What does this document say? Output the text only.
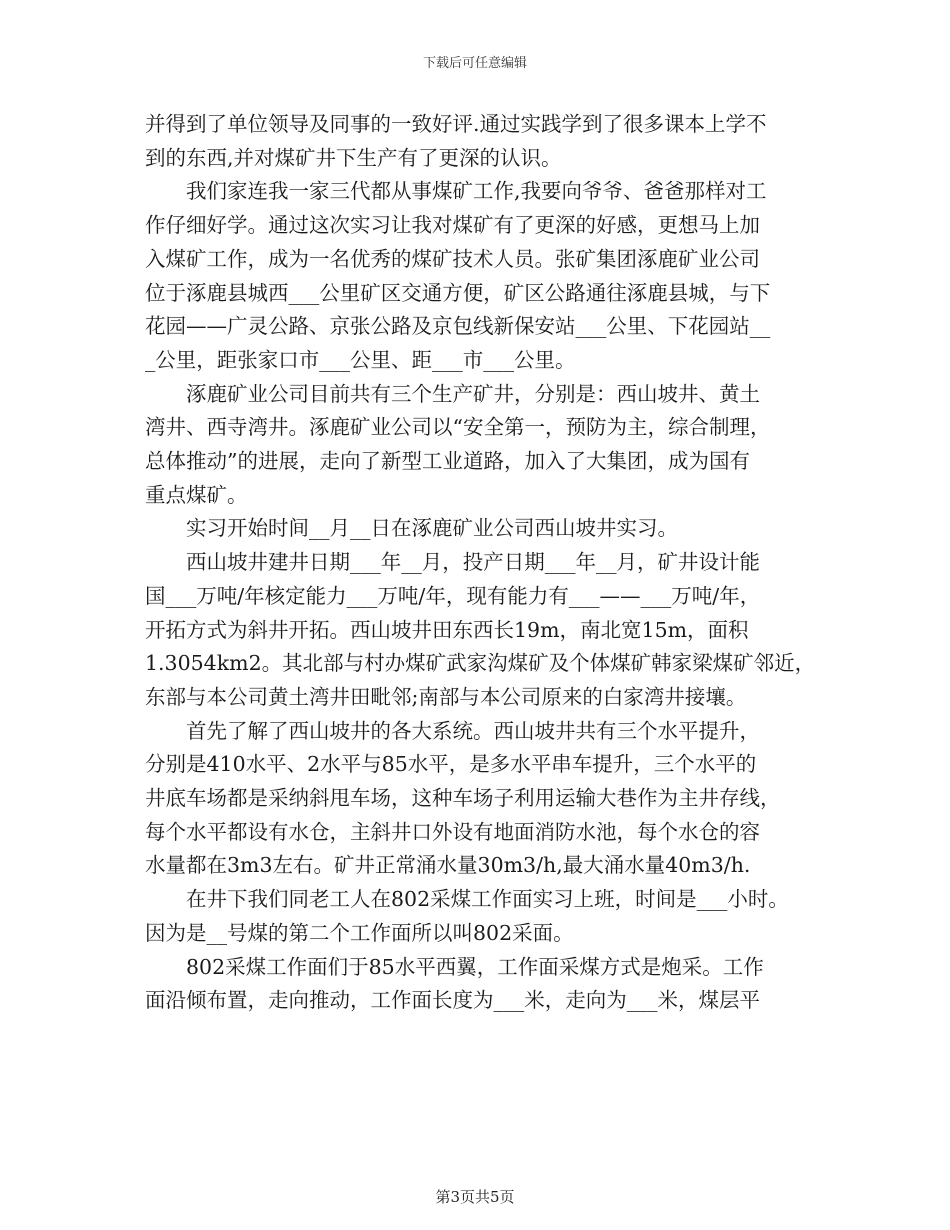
下载后可任意编辑

并得到了单位领导及同事的一致好评.通过实践学到了很多课本上学不

到的东西,并对煤矿井下生产有了更深的认识。

　　我们家连我一家三代都从事煤矿工作,我要向爷爷、爸爸那样对工

作仔细好学。通过这次实习让我对煤矿有了更深的好感，更想马上加

入煤矿工作，成为一名优秀的煤矿技术人员。张矿集团涿鹿矿业公司

位于涿鹿县城西___公里矿区交通方便，矿区公路通往涿鹿县城，与下

花园——广灵公路、京张公路及京包线新保安站___公里、下花园站__

_公里，距张家口市___公里、距___市___公里。

　　涿鹿矿业公司目前共有三个生产矿井，分别是：西山坡井、黄土

湾井、西寺湾井。涿鹿矿业公司以“安全第一，预防为主，综合制理，

总体推动”的进展，走向了新型工业道路，加入了大集团，成为国有

重点煤矿。

　　实习开始时间__月__日在涿鹿矿业公司西山坡井实习。

　　西山坡井建井日期___年__月，投产日期___年__月，矿井设计能

国___万吨/年核定能力___万吨/年，现有能力有___——___万吨/年，

开拓方式为斜井开拓。西山坡井田东西长19m，南北宽15m，面积

1.3054km2。其北部与村办煤矿武家沟煤矿及个体煤矿韩家梁煤矿邻近，

东部与本公司黄土湾井田毗邻;南部与本公司原来的白家湾井接壤。

　　首先了解了西山坡井的各大系统。西山坡井共有三个水平提升，

分别是410水平、2水平与85水平，是多水平串车提升，三个水平的

井底车场都是采纳斜甩车场，这种车场子利用运输大巷作为主井存线，

每个水平都设有水仓，主斜井口外设有地面消防水池，每个水仓的容

水量都在3m3左右。矿井正常涌水量30m3/h,最大涌水量40m3/h.

　　在井下我们同老工人在802采煤工作面实习上班，时间是___小时。

因为是__号煤的第二个工作面所以叫802采面。

　　802采煤工作面们于85水平西翼，工作面采煤方式是炮采。工作

面沿倾布置，走向推动，工作面长度为___米，走向为___米，煤层平

第3页共5页
